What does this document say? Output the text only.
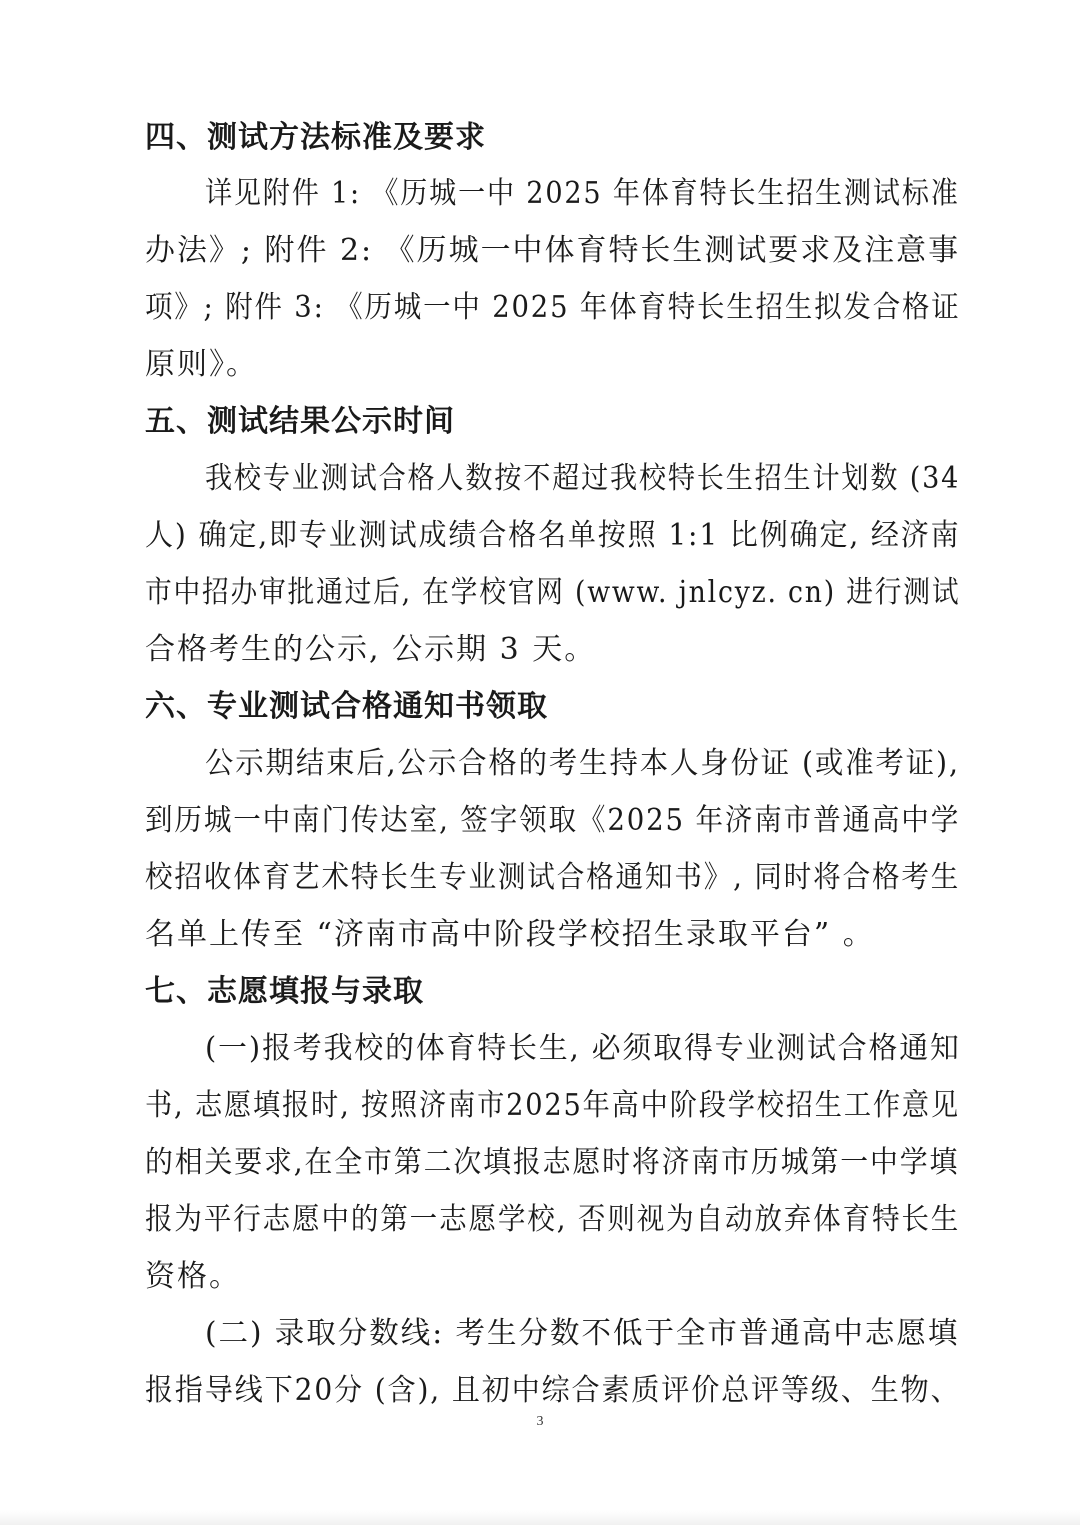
四、测试方法标准及要求
详见附件 1: 《历城一中 2025 年体育特长生招生测试标准
办法》; 附件 2: 《历城一中体育特长生测试要求及注意事
项》; 附件 3: 《历城一中 2025 年体育特长生招生拟发合格证
原则》。
五、测试结果公示时间
我校专业测试合格人数按不超过我校特长生招生计划数 (34
人) 确定,即专业测试成绩合格名单按照 1:1 比例确定, 经济南
市中招办审批通过后, 在学校官网 (www. jnlcyz. cn) 进行测试
合格考生的公示, 公示期 3 天。
六、专业测试合格通知书领取
公示期结束后,公示合格的考生持本人身份证 (或准考证),
到历城一中南门传达室, 签字领取《2025 年济南市普通高中学
校招收体育艺术特长生专业测试合格通知书》, 同时将合格考生
名单上传至 “济南市高中阶段学校招生录取平台” 。
七、志愿填报与录取
(一)报考我校的体育特长生, 必须取得专业测试合格通知
书, 志愿填报时, 按照济南市2025年高中阶段学校招生工作意见
的相关要求,在全市第二次填报志愿时将济南市历城第一中学填
报为平行志愿中的第一志愿学校, 否则视为自动放弃体育特长生
资格。
(二) 录取分数线: 考生分数不低于全市普通高中志愿填
报指导线下20分 (含), 且初中综合素质评价总评等级、生物、
3
